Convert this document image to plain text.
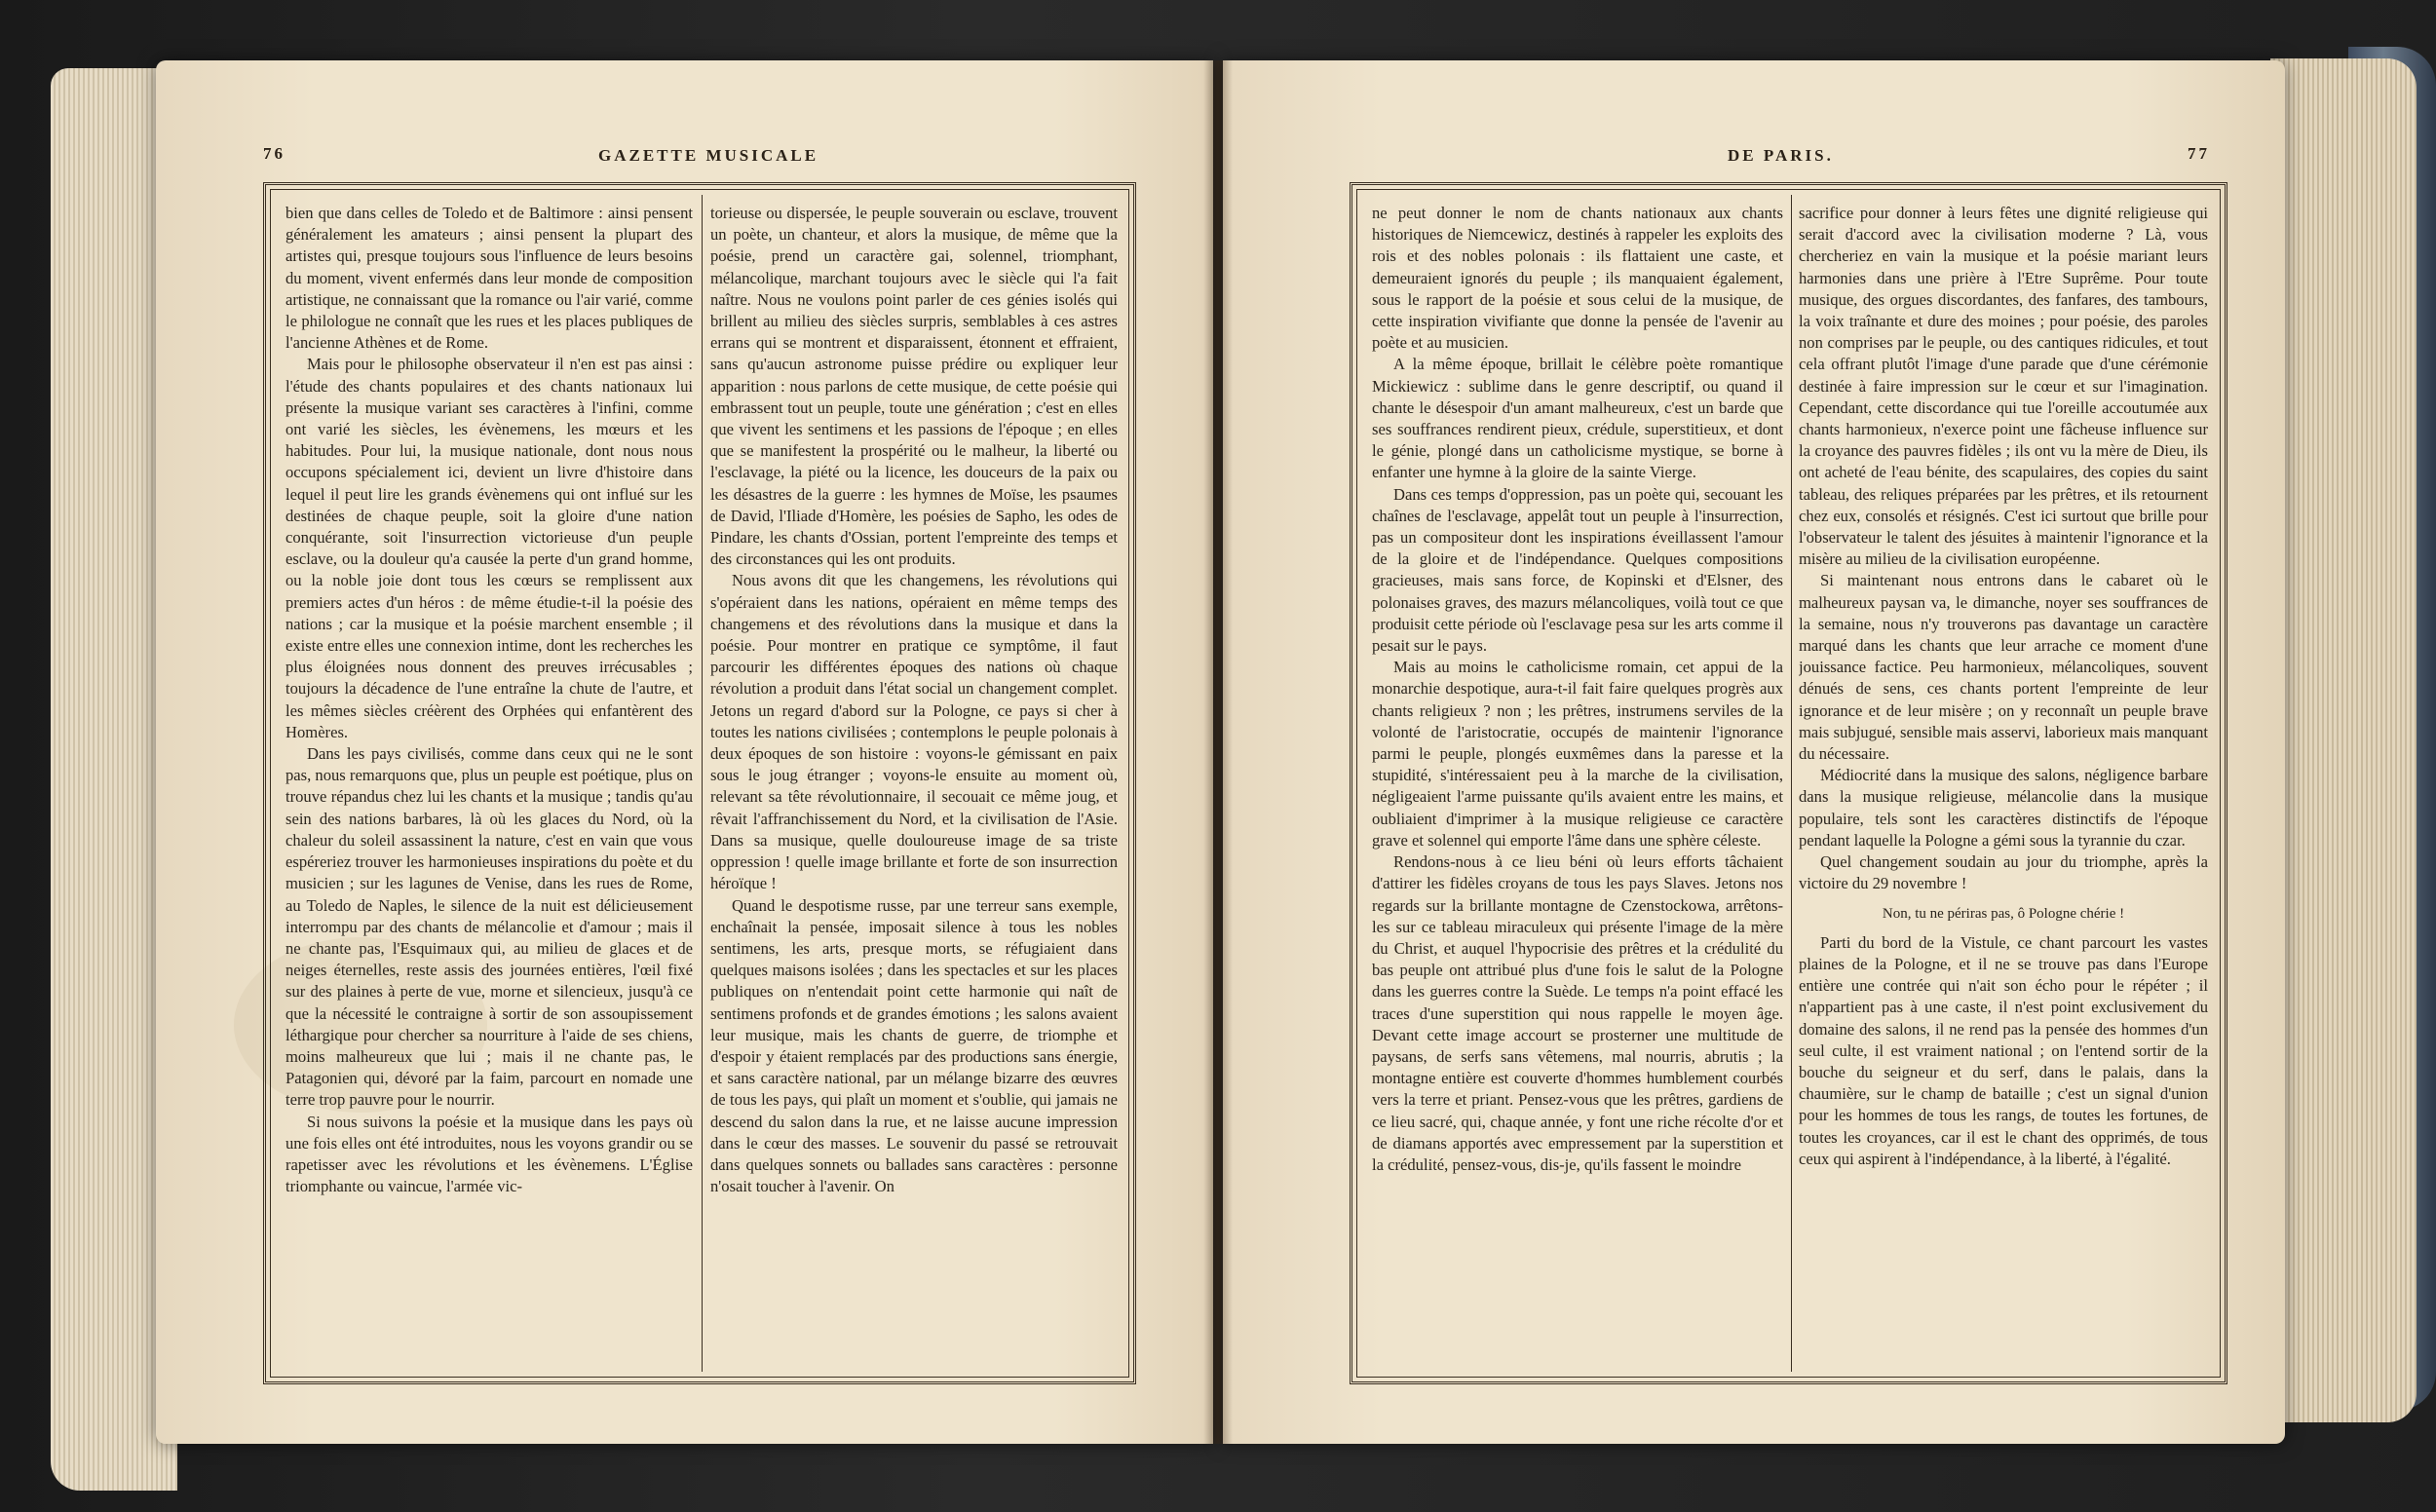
76	GAZETTE MUSICALE

bien que dans celles de Toledo et de Baltimore : ainsi pensent généralement les amateurs ; ainsi pensent la plupart des artistes qui, presque toujours sous l'influence de leurs besoins du moment, vivent enfermés dans leur monde de composition artistique, ne connaissant que la romance ou l'air varié, comme le philologue ne connaît que les rues et les places publiques de l'ancienne Athènes et de Rome.

Mais pour le philosophe observateur il n'en est pas ainsi : l'étude des chants populaires et des chants nationaux lui présente la musique variant ses caractères à l'infini, comme ont varié les siècles, les évènemens, les mœurs et les habitudes. Pour lui, la musique nationale, dont nous nous occupons spécialement ici, devient un livre d'histoire dans lequel il peut lire les grands évènemens qui ont influé sur les destinées de chaque peuple, soit la gloire d'une nation conquérante, soit l'insurrection victorieuse d'un peuple esclave, ou la douleur qu'a causée la perte d'un grand homme, ou la noble joie dont tous les cœurs se remplissent aux premiers actes d'un héros : de même étudie-t-il la poésie des nations ; car la musique et la poésie marchent ensemble ; il existe entre elles une connexion intime, dont les recherches les plus éloignées nous donnent des preuves irrécusables ; toujours la décadence de l'une entraîne la chute de l'autre, et les mêmes siècles créèrent des Orphées qui enfantèrent des Homères.

Dans les pays civilisés, comme dans ceux qui ne le sont pas, nous remarquons que, plus un peuple est poétique, plus on trouve répandus chez lui les chants et la musique ; tandis qu'au sein des nations barbares, là où les glaces du Nord, où la chaleur du soleil assassinent la nature, c'est en vain que vous espéreriez trouver les harmonieuses inspirations du poète et du musicien ; sur les lagunes de Venise, dans les rues de Rome, au Toledo de Naples, le silence de la nuit est délicieusement interrompu par des chants de mélancolie et d'amour ; mais il ne chante pas, l'Esquimaux qui, au milieu de glaces et de neiges éternelles, reste assis des journées entières, l'œil fixé sur des plaines à perte de vue, morne et silencieux, jusqu'à ce que la nécessité le contraigne à sortir de son assoupissement léthargique pour chercher sa nourriture à l'aide de ses chiens, moins malheureux que lui ; mais il ne chante pas, le Patagonien qui, dévoré par la faim, parcourt en nomade une terre trop pauvre pour le nourrir.

Si nous suivons la poésie et la musique dans les pays où une fois elles ont été introduites, nous les voyons grandir ou se rapetisser avec les révolutions et les évènemens. L'Église triomphante ou vaincue, l'armée vic-

torieuse ou dispersée, le peuple souverain ou esclave, trouvent un poète, un chanteur, et alors la musique, de même que la poésie, prend un caractère gai, solennel, triomphant, mélancolique, marchant toujours avec le siècle qui l'a fait naître. Nous ne voulons point parler de ces génies isolés qui brillent au milieu des siècles surpris, semblables à ces astres errans qui se montrent et disparaissent, étonnent et effraient, sans qu'aucun astronome puisse prédire ou expliquer leur apparition : nous parlons de cette musique, de cette poésie qui embrassent tout un peuple, toute une génération ; c'est en elles que vivent les sentimens et les passions de l'époque ; en elles que se manifestent la prospérité ou le malheur, la liberté ou l'esclavage, la piété ou la licence, les douceurs de la paix ou les désastres de la guerre : les hymnes de Moïse, les psaumes de David, l'Iliade d'Homère, les poésies de Sapho, les odes de Pindare, les chants d'Ossian, portent l'empreinte des temps et des circonstances qui les ont produits.

Nous avons dit que les changemens, les révolutions qui s'opéraient dans les nations, opéraient en même temps des changemens et des révolutions dans la musique et dans la poésie. Pour montrer en pratique ce symptôme, il faut parcourir les différentes époques des nations où chaque révolution a produit dans l'état social un changement complet. Jetons un regard d'abord sur la Pologne, ce pays si cher à toutes les nations civilisées ; contemplons le peuple polonais à deux époques de son histoire : voyons-le gémissant en paix sous le joug étranger ; voyons-le ensuite au moment où, relevant sa tête révolutionnaire, il secouait ce même joug, et rêvait l'affranchissement du Nord, et la civilisation de l'Asie. Dans sa musique, quelle douloureuse image de sa triste oppression ! quelle image brillante et forte de son insurrection héroïque !

Quand le despotisme russe, par une terreur sans exemple, enchaînait la pensée, imposait silence à tous les nobles sentimens, les arts, presque morts, se réfugiaient dans quelques maisons isolées ; dans les spectacles et sur les places publiques on n'entendait point cette harmonie qui naît de sentimens profonds et de grandes émotions ; les salons avaient leur musique, mais les chants de guerre, de triomphe et d'espoir y étaient remplacés par des productions sans énergie, et sans caractère national, par un mélange bizarre des œuvres de tous les pays, qui plaît un moment et s'oublie, qui jamais ne descend du salon dans la rue, et ne laisse aucune impression dans le cœur des masses. Le souvenir du passé se retrouvait dans quelques sonnets ou ballades sans caractères : personne n'osait toucher à l'avenir. On

DE PARIS.	77

ne peut donner le nom de chants nationaux aux chants historiques de Niemcewicz, destinés à rappeler les exploits des rois et des nobles polonais : ils flattaient une caste, et demeuraient ignorés du peuple ; ils manquaient également, sous le rapport de la poésie et sous celui de la musique, de cette inspiration vivifiante que donne la pensée de l'avenir au poète et au musicien.

A la même époque, brillait le célèbre poète romantique Mickiewicz : sublime dans le genre descriptif, ou quand il chante le désespoir d'un amant malheureux, c'est un barde que ses souffrances rendirent pieux, crédule, superstitieux, et dont le génie, plongé dans un catholicisme mystique, se borne à enfanter une hymne à la gloire de la sainte Vierge.

Dans ces temps d'oppression, pas un poète qui, secouant les chaînes de l'esclavage, appelât tout un peuple à l'insurrection, pas un compositeur dont les inspirations éveillassent l'amour de la gloire et de l'indépendance. Quelques compositions gracieuses, mais sans force, de Kopinski et d'Elsner, des polonaises graves, des mazurs mélancoliques, voilà tout ce que produisit cette période où l'esclavage pesa sur les arts comme il pesait sur le pays.

Mais au moins le catholicisme romain, cet appui de la monarchie despotique, aura-t-il fait faire quelques progrès aux chants religieux ? non ; les prêtres, instrumens serviles de la volonté de l'aristocratie, occupés de maintenir l'ignorance parmi le peuple, plongés euxmêmes dans la paresse et la stupidité, s'intéressaient peu à la marche de la civilisation, négligeaient l'arme puissante qu'ils avaient entre les mains, et oubliaient d'imprimer à la musique religieuse ce caractère grave et solennel qui emporte l'âme dans une sphère céleste.

Rendons-nous à ce lieu béni où leurs efforts tâchaient d'attirer les fidèles croyans de tous les pays Slaves. Jetons nos regards sur la brillante montagne de Czenstockowa, arrêtons-les sur ce tableau miraculeux qui présente l'image de la mère du Christ, et auquel l'hypocrisie des prêtres et la crédulité du bas peuple ont attribué plus d'une fois le salut de la Pologne dans les guerres contre la Suède. Le temps n'a point effacé les traces d'une superstition qui nous rappelle le moyen âge. Devant cette image accourt se prosterner une multitude de paysans, de serfs sans vêtemens, mal nourris, abrutis ; la montagne entière est couverte d'hommes humblement courbés vers la terre et priant. Pensez-vous que les prêtres, gardiens de ce lieu sacré, qui, chaque année, y font une riche récolte d'or et de diamans apportés avec empressement par la superstition et la crédulité, pensez-vous, dis-je, qu'ils fassent le moindre

sacrifice pour donner à leurs fêtes une dignité religieuse qui serait d'accord avec la civilisation moderne ? Là, vous chercheriez en vain la musique et la poésie mariant leurs harmonies dans une prière à l'Etre Suprême. Pour toute musique, des orgues discordantes, des fanfares, des tambours, la voix traînante et dure des moines ; pour poésie, des paroles non comprises par le peuple, ou des cantiques ridicules, et tout cela offrant plutôt l'image d'une parade que d'une cérémonie destinée à faire impression sur le cœur et sur l'imagination. Cependant, cette discordance qui tue l'oreille accoutumée aux chants harmonieux, n'exerce point une fâcheuse influence sur la croyance des pauvres fidèles ; ils ont vu la mère de Dieu, ils ont acheté de l'eau bénite, des scapulaires, des copies du saint tableau, des reliques préparées par les prêtres, et ils retournent chez eux, consolés et résignés. C'est ici surtout que brille pour l'observateur le talent des jésuites à maintenir l'ignorance et la misère au milieu de la civilisation européenne.

Si maintenant nous entrons dans le cabaret où le malheureux paysan va, le dimanche, noyer ses souffrances de la semaine, nous n'y trouverons pas davantage un caractère marqué dans les chants que leur arrache ce moment d'une jouissance factice. Peu harmonieux, mélancoliques, souvent dénués de sens, ces chants portent l'empreinte de leur ignorance et de leur misère ; on y reconnaît un peuple brave mais subjugué, sensible mais asservi, laborieux mais manquant du nécessaire.

Médiocrité dans la musique des salons, négligence barbare dans la musique religieuse, mélancolie dans la musique populaire, tels sont les caractères distinctifs de l'époque pendant laquelle la Pologne a gémi sous la tyrannie du czar.

Quel changement soudain au jour du triomphe, après la victoire du 29 novembre !

Non, tu ne périras pas, ô Pologne chérie !

Parti du bord de la Vistule, ce chant parcourt les vastes plaines de la Pologne, et il ne se trouve pas dans l'Europe entière une contrée qui n'ait son écho pour le répéter ; il n'appartient pas à une caste, il n'est point exclusivement du domaine des salons, il ne rend pas la pensée des hommes d'un seul culte, il est vraiment national ; on l'entend sortir de la bouche du seigneur et du serf, dans le palais, dans la chaumière, sur le champ de bataille ; c'est un signal d'union pour les hommes de tous les rangs, de toutes les fortunes, de toutes les croyances, car il est le chant des opprimés, de tous ceux qui aspirent à l'indépendance, à la liberté, à l'égalité.
